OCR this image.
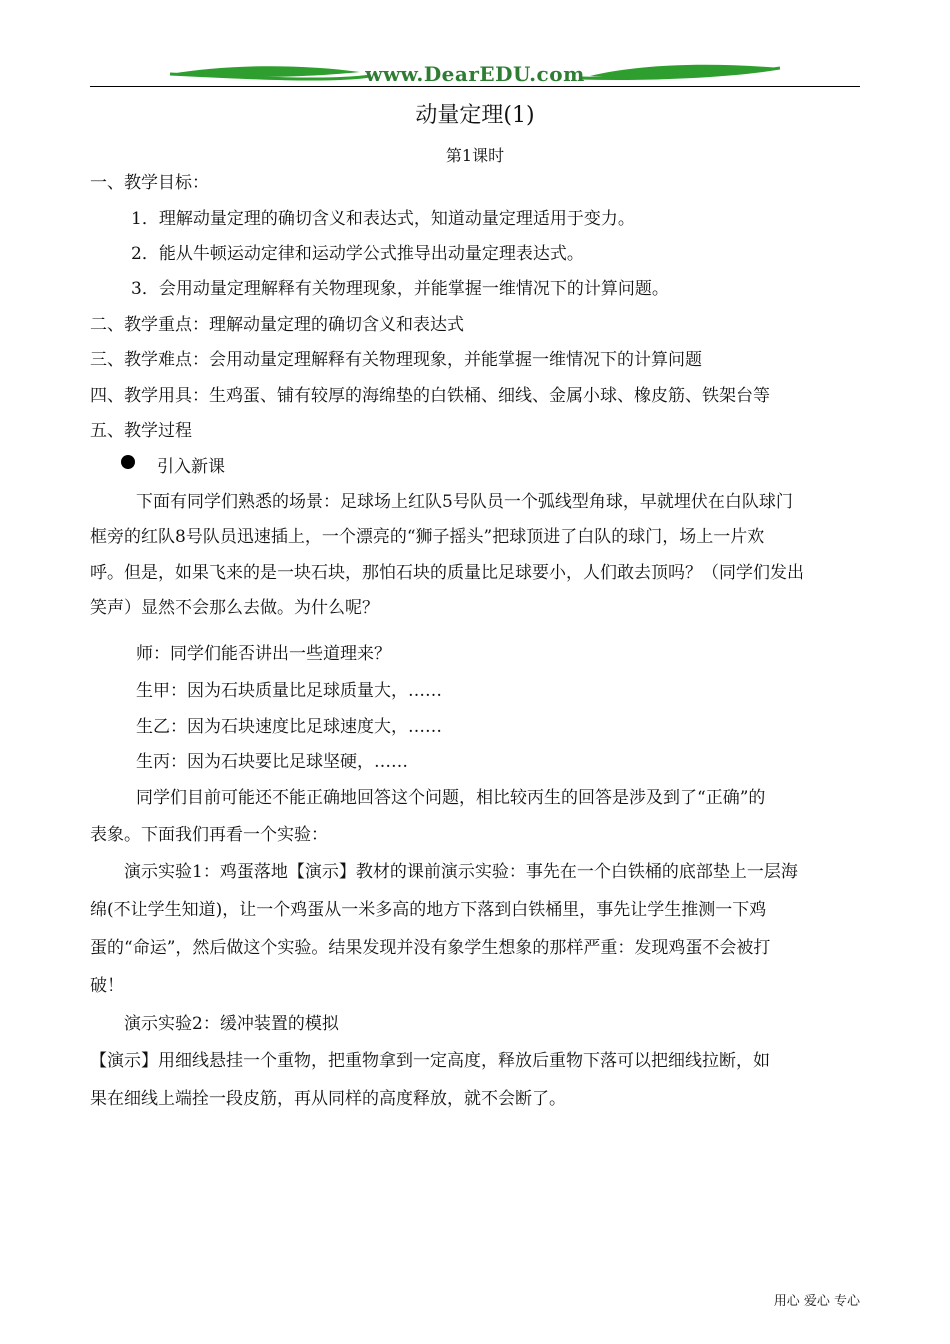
www.DearEDU.com
动量定理(1)
第1课时
一、教学目标：
1．理解动量定理的确切含义和表达式，知道动量定理适用于变力。
2．能从牛顿运动定律和运动学公式推导出动量定理表达式。
3．会用动量定理解释有关物理现象，并能掌握一维情况下的计算问题。
二、教学重点：理解动量定理的确切含义和表达式
三、教学难点：会用动量定理解释有关物理现象，并能掌握一维情况下的计算问题
四、教学用具：生鸡蛋、铺有较厚的海绵垫的白铁桶、细线、金属小球、橡皮筋、铁架台等
五、教学过程
引入新课
下面有同学们熟悉的场景：足球场上红队5号队员一个弧线型角球，早就埋伏在白队球门
框旁的红队8号队员迅速插上，一个漂亮的“狮子摇头”把球顶进了白队的球门，场上一片欢
呼。但是，如果飞来的是一块石块，那怕石块的质量比足球要小，人们敢去顶吗？（同学们发出
笑声）显然不会那么去做。为什么呢？
师：同学们能否讲出一些道理来？
生甲：因为石块质量比足球质量大，……
生乙：因为石块速度比足球速度大，……
生丙：因为石块要比足球坚硬，……
同学们目前可能还不能正确地回答这个问题，相比较丙生的回答是涉及到了“正确”的
表象。下面我们再看一个实验：
演示实验1：鸡蛋落地【演示】教材的课前演示实验：事先在一个白铁桶的底部垫上一层海
绵(不让学生知道)，让一个鸡蛋从一米多高的地方下落到白铁桶里，事先让学生推测一下鸡
蛋的“命运”，然后做这个实验。结果发现并没有象学生想象的那样严重：发现鸡蛋不会被打
破！
演示实验2：缓冲装置的模拟
【演示】用细线悬挂一个重物，把重物拿到一定高度，释放后重物下落可以把细线拉断，如
果在细线上端拴一段皮筋，再从同样的高度释放，就不会断了。
用心 爱心 专心
